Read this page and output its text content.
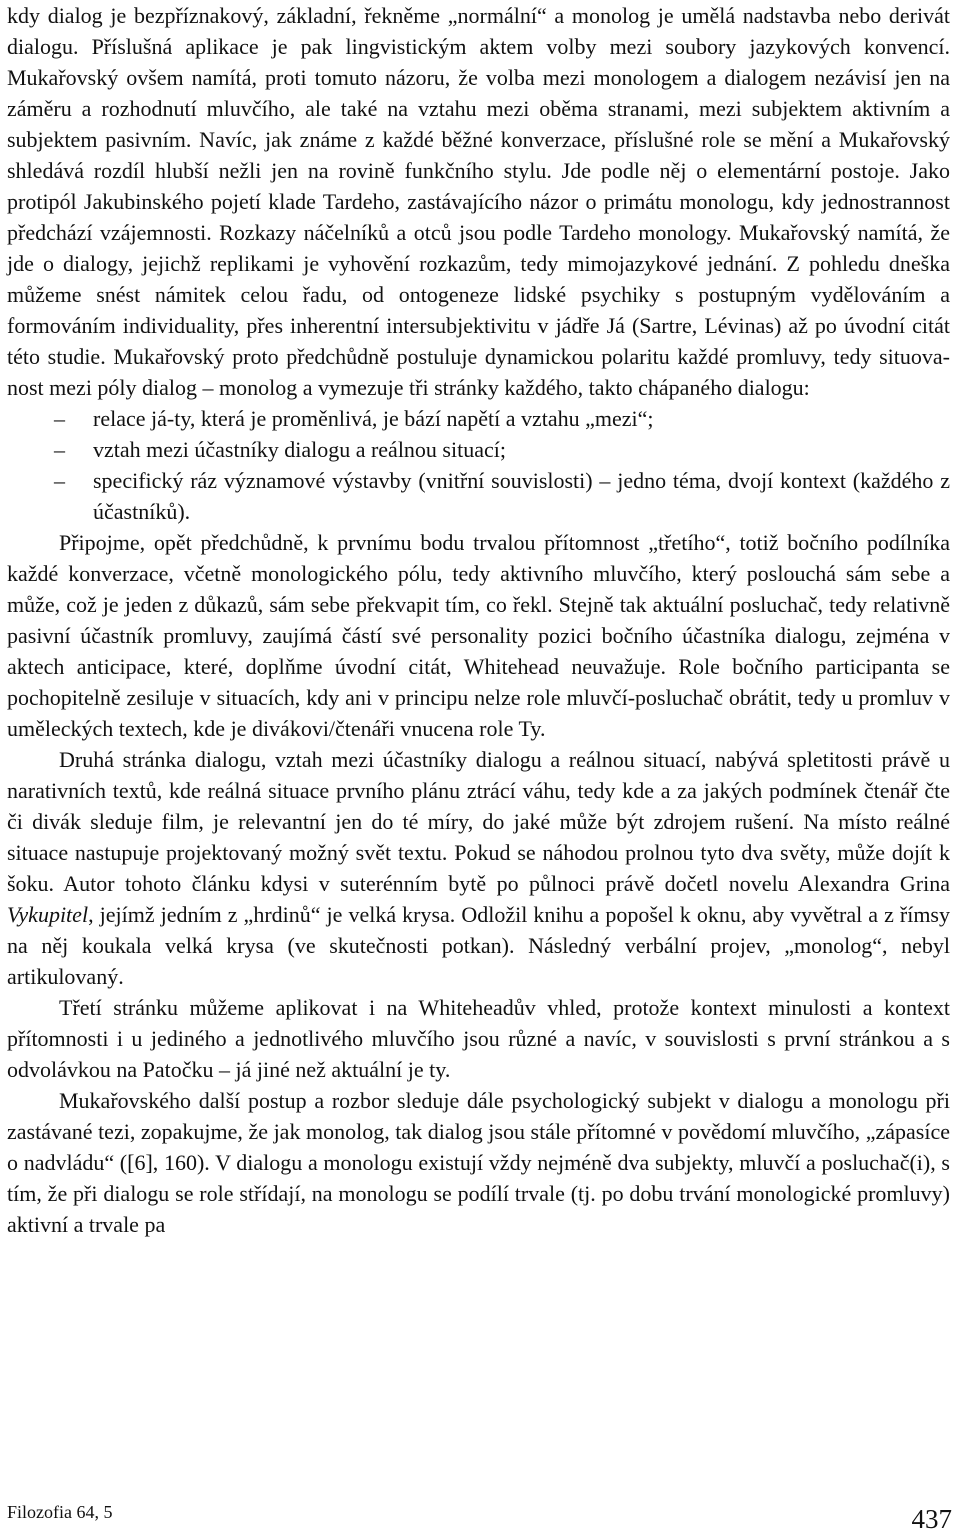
kdy dialog je bezpříznakový, základní, řekněme „normální“ a monolog je umělá nadstavba nebo derivát dialogu. Příslušná aplikace je pak lingvistickým aktem volby mezi soubory jazykových konvencí. Mukařovský ovšem namítá, proti tomuto názoru, že volba mezi monologem a dialogem nezávisí jen na záměru a rozhodnutí mluvčího, ale také na vztahu mezi oběma stranami, mezi subjektem aktivním a subjektem pasivním. Navíc, jak známe z každé běžné konverzace, příslušné role se mění a Mukařovský shledává rozdíl hlubší nežli jen na rovině funkčního stylu. Jde podle něj o elementární postoje. Jako protipól Jakubinského pojetí klade Tardeho, zastávajícího názor o primátu monologu, kdy jednostrannost předchází vzájemnosti. Rozkazy náčelníků a otců jsou podle Tardeho monology. Mukařovský namítá, že jde o dialogy, jejichž replikami je vyhovění rozkazům, tedy mimojazykové jednání. Z pohledu dneška můžeme snést námitek celou řadu, od ontogeneze lidské psychiky s postupným vydělováním a formováním individuality, přes inherentní intersubjektivitu v jádře Já (Sartre, Lévinas) až po úvodní citát této studie. Mukařovský proto předchůdně postuluje dynamickou polaritu každé promluvy, tedy situovanost mezi póly dialog – monolog a vymezuje tři stránky každého, takto chápaného dialogu:

– relace já-ty, která je proměnlivá, je bází napětí a vztahu „mezi“;
– vztah mezi účastníky dialogu a reálnou situací;
– specifický ráz významové výstavby (vnitřní souvislosti) – jedno téma, dvojí kontext (každého z účastníků).

Připojme, opět předchůdně, k prvnímu bodu trvalou přítomnost „třetího“, totiž bočního podílníka každé konverzace, včetně monologického pólu, tedy aktivního mluvčího, který poslouchá sám sebe a může, což je jeden z důkazů, sám sebe překvapit tím, co řekl. Stejně tak aktuální posluchač, tedy relativně pasivní účastník promluvy, zaujímá částí své personality pozici bočního účastníka dialogu, zejména v aktech anticipace, které, doplňme úvodní citát, Whitehead neuvažuje. Role bočního participanta se pochopitelně zesiluje v situacích, kdy ani v principu nelze role mluvčí-posluchač obrátit, tedy u promluv v uměleckých textech, kde je divákovi/čtenáři vnucena role Ty.

Druhá stránka dialogu, vztah mezi účastníky dialogu a reálnou situací, nabývá spletitosti právě u narativních textů, kde reálná situace prvního plánu ztrácí váhu, tedy kde a za jakých podmínek čtenář čte či divák sleduje film, je relevantní jen do té míry, do jaké může být zdrojem rušení. Na místo reálné situace nastupuje projektovaný možný svět textu. Pokud se náhodou prolnou tyto dva světy, může dojít k šoku. Autor tohoto článku kdysi v suterénním bytě po půlnoci právě dočetl novelu Alexandra Grina Vykupitel, jejímž jedním z „hrdinů“ je velká krysa. Odložil knihu a popošel k oknu, aby vyvětral a z římsy na něj koukala velká krysa (ve skutečnosti potkan). Následný verbální projev, „monolog“, nebyl artikulovaný.

Třetí stránku můžeme aplikovat i na Whiteheadův vhled, protože kontext minulosti a kontext přítomnosti i u jediného a jednotlivého mluvčího jsou různé a navíc, v souvislosti s první stránkou a s odvolávkou na Patočku – já jiné než aktuální je ty.

Mukařovského další postup a rozbor sleduje dále psychologický subjekt v dialogu a monologu při zastávané tezi, zopakujme, že jak monolog, tak dialog jsou stále přítomné v povědomí mluvčího, „zápasíce o nadvládu“ ([6], 160). V dialogu a monologu existují vždy nejméně dva subjekty, mluvčí a posluchač(i), s tím, že při dialogu se role střídají, na monologu se podílí trvale (tj. po dobu trvání monologické promluvy) aktivní a trvale pa

Filozofia 64, 5	437
